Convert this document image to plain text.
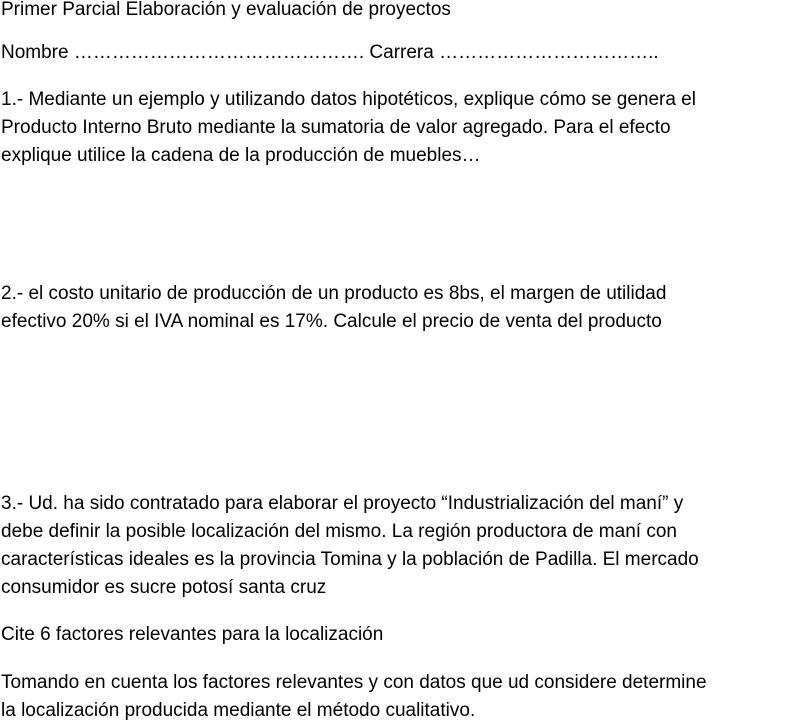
Primer Parcial Elaboración y evaluación de proyectos

Nombre ………………………………………. Carrera ……………………………..

1.- Mediante un ejemplo y utilizando datos hipotéticos, explique cómo se genera el

Producto Interno Bruto mediante la sumatoria de valor agregado. Para el efecto

explique utilice la cadena de la producción de muebles…

2.- el costo unitario de producción de un producto es 8bs, el margen de utilidad

efectivo 20% si el IVA nominal es 17%. Calcule el precio de venta del producto

3.- Ud. ha sido contratado para elaborar el proyecto “Industrialización del maní” y

debe definir la posible localización del mismo. La región productora de maní con

características ideales es la provincia Tomina y la población de Padilla. El mercado

consumidor es sucre potosí santa cruz

Cite 6 factores relevantes para la localización

Tomando en cuenta los factores relevantes y con datos que ud considere determine

la localización producida mediante el método cualitativo.
